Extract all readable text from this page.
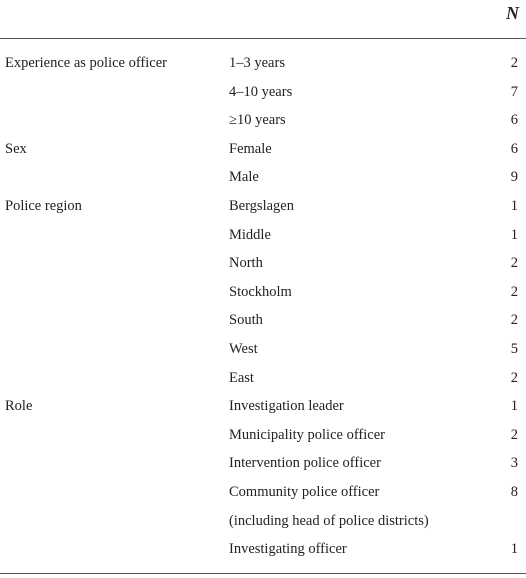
N
Experience as police officer	1–3 years	2
4–10 years	7
≥10 years	6
Sex	Female	6
Male	9
Police region	Bergslagen	1
Middle	1
North	2
Stockholm	2
South	2
West	5
East	2
Role	Investigation leader	1
Municipality police officer	2
Intervention police officer	3
Community police officer	8
(including head of police districts)
Investigating officer	1
